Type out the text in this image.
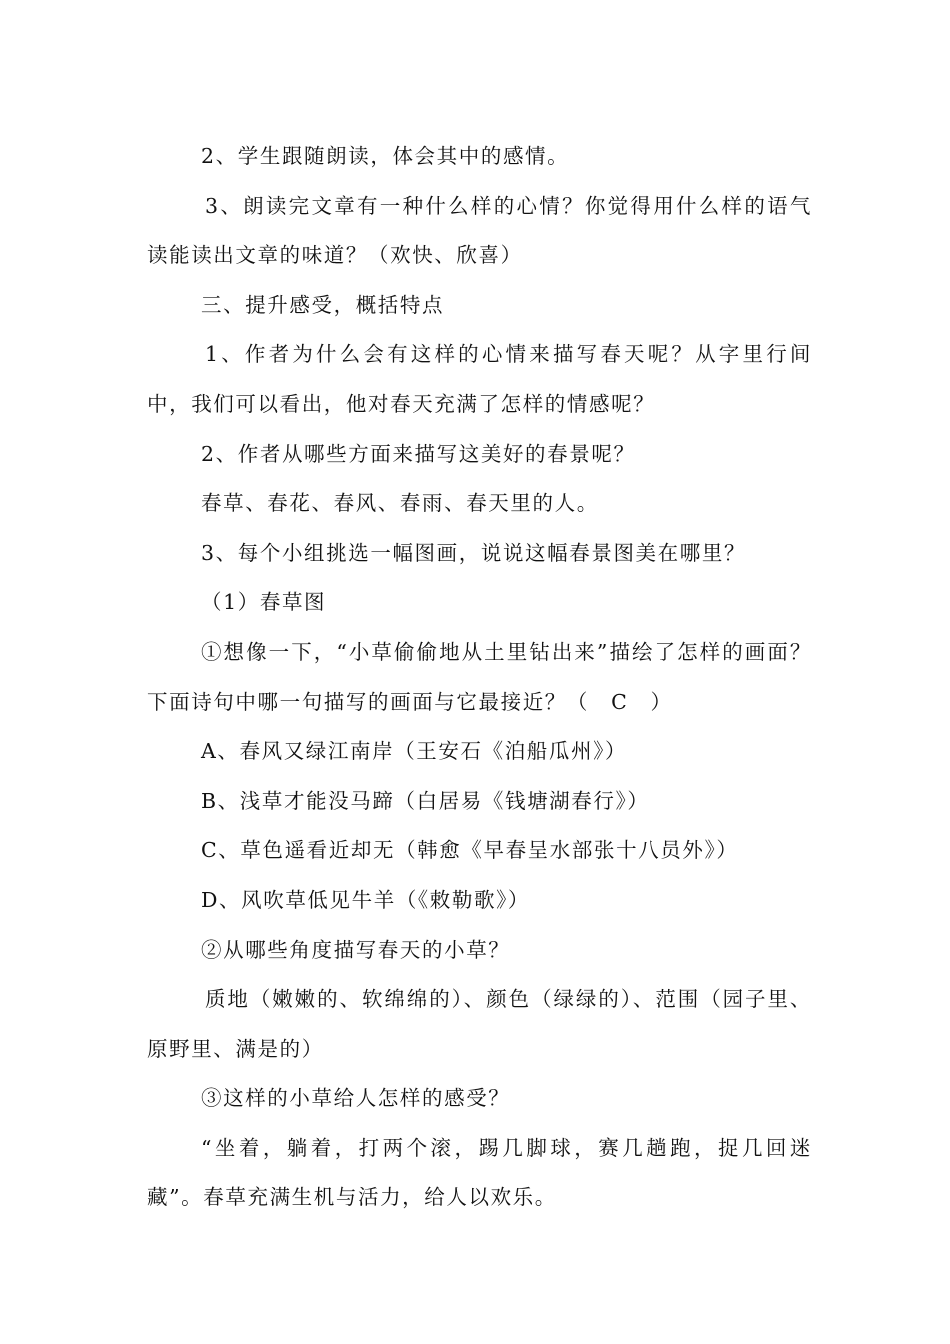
2、学生跟随朗读，体会其中的感情。

3、朗读完文章有一种什么样的心情？你觉得用什么样的语气读能读出文章的味道？（欢快、欣喜）

三、提升感受，概括特点

1、作者为什么会有这样的心情来描写春天呢？从字里行间中，我们可以看出，他对春天充满了怎样的情感呢？

2、作者从哪些方面来描写这美好的春景呢？

春草、春花、春风、春雨、春天里的人。

3、每个小组挑选一幅图画，说说这幅春景图美在哪里？

（1）春草图

①想像一下，“小草偷偷地从土里钻出来”描绘了怎样的画面？下面诗句中哪一句描写的画面与它最接近？（　C　）

A、春风又绿江南岸（王安石《泊船瓜州》）

B、浅草才能没马蹄（白居易《钱塘湖春行》）

C、草色遥看近却无（韩愈《早春呈水部张十八员外》）

D、风吹草低见牛羊（《敕勒歌》）

②从哪些角度描写春天的小草？

质地（嫩嫩的、软绵绵的）、颜色（绿绿的）、范围（园子里、原野里、满是的）

③这样的小草给人怎样的感受？

“坐着，躺着，打两个滚，踢几脚球，赛几趟跑，捉几回迷藏”。春草充满生机与活力，给人以欢乐。
